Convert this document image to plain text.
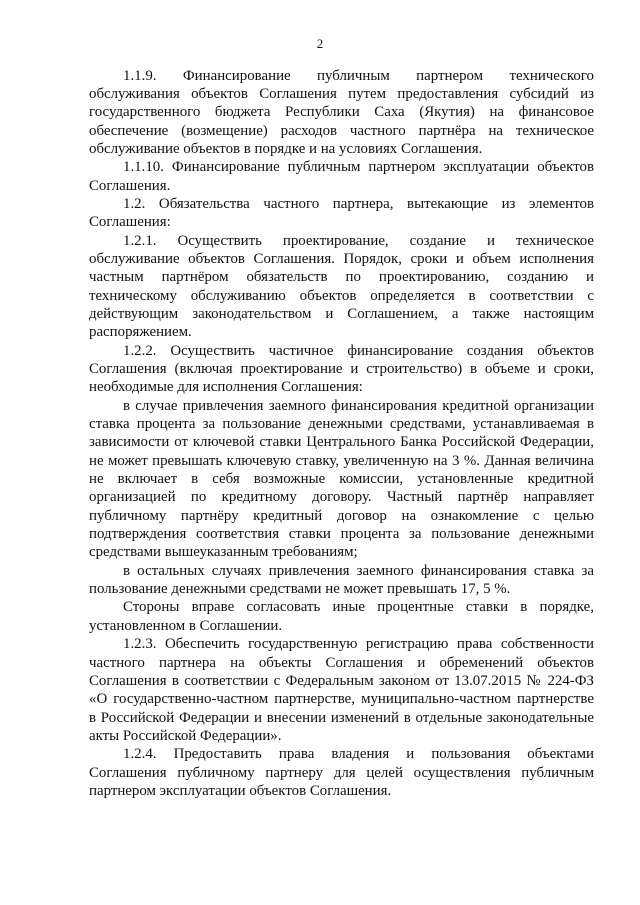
2

1.1.9. Финансирование публичным партнером технического обслуживания объектов Соглашения путем предоставления субсидий из государственного бюджета Республики Саха (Якутия) на финансовое обеспечение (возмещение) расходов частного партнёра на техническое обслуживание объектов в порядке и на условиях Соглашения.

1.1.10. Финансирование публичным партнером эксплуатации объектов Соглашения.

1.2. Обязательства частного партнера, вытекающие из элементов Соглашения:

1.2.1. Осуществить проектирование, создание и техническое обслуживание объектов Соглашения. Порядок, сроки и объем исполнения частным партнёром обязательств по проектированию, созданию и техническому обслуживанию объектов определяется в соответствии с действующим законодательством и Соглашением, а также настоящим распоряжением.

1.2.2. Осуществить частичное финансирование создания объектов Соглашения (включая проектирование и строительство) в объеме и сроки, необходимые для исполнения Соглашения:

в случае привлечения заемного финансирования кредитной организации ставка процента за пользование денежными средствами, устанавливаемая в зависимости от ключевой ставки Центрального Банка Российской Федерации, не может превышать ключевую ставку, увеличенную на 3 %. Данная величина не включает в себя возможные комиссии, установленные кредитной организацией по кредитному договору. Частный партнёр направляет публичному партнёру кредитный договор на ознакомление с целью подтверждения соответствия ставки процента за пользование денежными средствами вышеуказанным требованиям;

в остальных случаях привлечения заемного финансирования ставка за пользование денежными средствами не может превышать 17, 5 %.

Стороны вправе согласовать иные процентные ставки в порядке, установленном в Соглашении.

1.2.3. Обеспечить государственную регистрацию права собственности частного партнера на объекты Соглашения и обременений объектов Соглашения в соответствии с Федеральным законом от 13.07.2015 № 224-ФЗ «О государственно-частном партнерстве, муниципально-частном партнерстве в Российской Федерации и внесении изменений в отдельные законодательные акты Российской Федерации».

1.2.4. Предоставить права владения и пользования объектами Соглашения публичному партнеру для целей осуществления публичным партнером эксплуатации объектов Соглашения.
